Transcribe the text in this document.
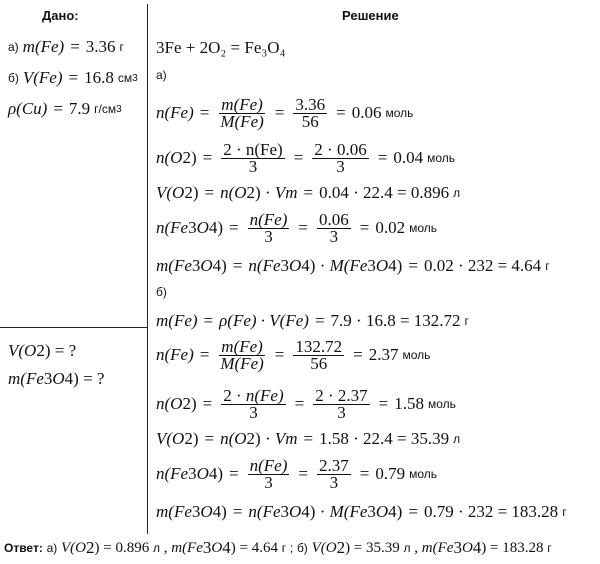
Дано:	Решение
а)
m(Fe) = 3.36
г
б)
V(Fe) = 16.8
см 3
ρ(Cu) = 7.9
г/см 3
V(O 2 ) = ?
m(Fe 3 O 4 ) = ?
3Fe + 2O₂ = Fe₃O₄
а)
$n(Fe) = \frac{m(Fe)}{M(Fe)} = \frac{3.36}{56} = 0.06$
моль
n(O 2 ) = $\frac{2 \cdot n(Fe)}{3} = \frac{2 \cdot 0.06}{3} = 0.04$
моль
V(O 2 ) = n(O 2 ) · V m = 0.04 · 22.4 = 0.896
л
n(Fe 3 O 4 ) = $\frac{n(Fe)}{3} = \frac{0.06}{3} = 0.02$
моль
m(Fe 3 O 4 ) = n(Fe 3 O 4 ) · M(Fe 3 O 4 ) = 0.02 · 232 = 4.64
г
б)
m(Fe) = ρ(Fe) · V(Fe) = 7.9 · 16.8 = 132.72
г
$n(Fe) = \frac{m(Fe)}{M(Fe)} = \frac{132.72}{56} = 2.37$
моль
n(O 2 ) = $\frac{2 \cdot n(Fe)}{3} = \frac{2 \cdot 2.37}{3} = 1.58$
моль
V(O 2 ) = n(O 2 ) · V m = 1.58 · 22.4 = 35.39
л
n(Fe 3 O 4 ) = $\frac{n(Fe)}{3} = \frac{2.37}{3} = 0.79$
моль
m(Fe 3 O 4 ) = n(Fe 3 O 4 ) · M(Fe 3 O 4 ) = 0.79 · 232 = 183.28
г
Ответ:
а)
V(O 2 ) = 0.896
л
, m(Fe 3 O 4 ) = 4.64
г
;
б)
V(O 2 ) = 35.39
л
, m(Fe 3 O 4 ) = 183.28
г
